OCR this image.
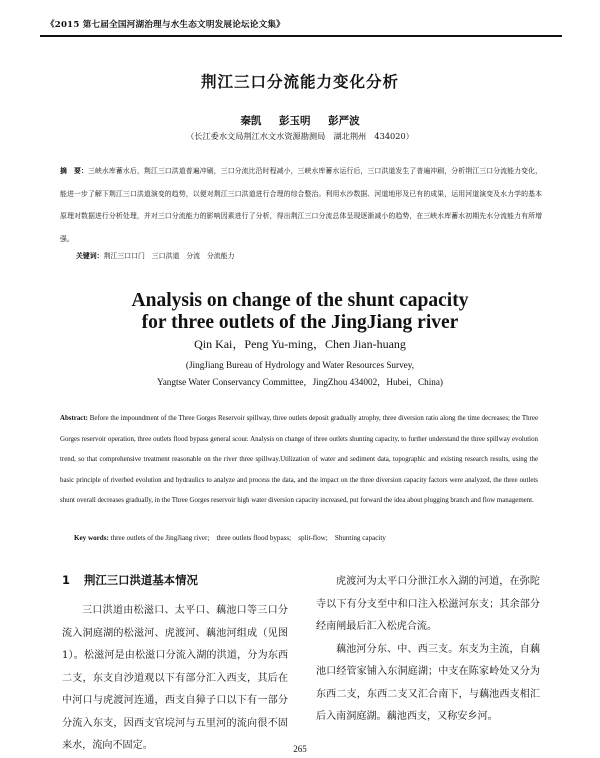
《2015 第七届全国河湖治理与水生态文明发展论坛论文集》
荆江三口分流能力变化分析
秦凯 彭玉明 彭严波
（长江委水文局荆江水文水资源勘测局　湖北荆州　434020）
摘　要：三峡水库蓄水后，荆江三口洪道普遍冲刷，三口分流比沿时程减小，三峡水库蓄水运行后，三口洪道发生了普遍冲刷，分析荆江三口分流能力变化，能进一步了解下荆江三口洪道演变的趋势，以便对荆江三口洪道进行合理的综合整治。利用水沙数据、河道地形及已有的成果，运用河道演变及水力学的基本原理对数据进行分析处理，并对三口分流能力的影响因素进行了分析，得出荆江三口分流总体呈现逐渐减小的趋势，在三峡水库蓄水初期先水分流能力有所增强。
关键词：荆江三口口门　三口洪道　分流　分流能力
Analysis on change of the shunt capacity
for three outlets of the JingJiang river
Qin Kai，Peng Yu-ming，Chen Jian-huang
(JingJiang Bureau of Hydrology and Water Resources Survey,
Yangtse Water Conservancy Committee，JingZhou 434002，Hubei，China)
Abstract: Before the impoundment of the Three Gorges Reservoir spillway, three outlets deposit gradually atrophy, three diversion ratio along the time decreases; the Three Gorges reservoir operation, three outlets flood bypass general scour. Analysis on change of three outlets shunting capacity, to further understand the three spillway evolution trend, so that comprehensive treatment reasonable on the river three spillway.Utilization of water and sediment data, topographic and existing research results, using the basic principle of riverbed evolution and hydraulics to analyze and process the data, and the impact on the three diversion capacity factors were analyzed, the three outlets shunt overall decreases gradually, in the Three Gorges reservoir high water diversion capacity increased, put forward the idea about plugging branch and flow management.
Key words: three outlets of the JingJiang river;　three outlets flood bypass;　split-flow;　Shunting capacity
1 荆江三口洪道基本情况

三口洪道由松滋口、太平口、藕池口等三口分流入洞庭湖的松滋河、虎渡河、藕池河组成（见图 1）。松滋河是由松滋口分流入湖的洪道，分为东西二支，东支自沙道观以下有部分汇入西支，其后在中河口与虎渡河连通，西支自獐子口以下有一部分分流入东支，因西支官垸河与五里河的流向很不固来水，流向不固定。

虎渡河为太平口分泄江水入湖的河道，在弥陀寺以下有分支至中和口注入松滋河东支；其余部分经南闸最后汇入松虎合流。

藕池河分东、中、西三支。东支为主流，自藕池口经管家铺入东洞庭湖；中支在陈家岭处又分为东西二支，东西二支又汇合南下，与藕池西支相汇后入南洞庭湖。藕池西支，又称安乡河。

265
